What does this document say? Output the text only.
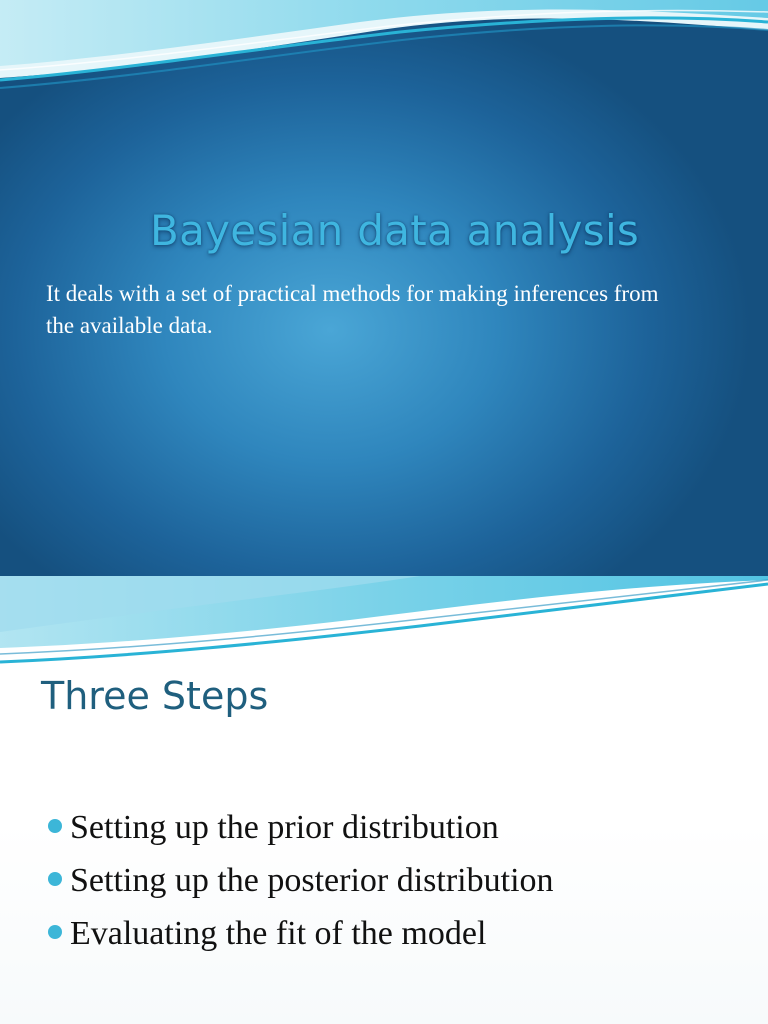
Bayesian data analysis
It deals with a set of practical methods for making inferences from the available data.
Three Steps
Setting up the prior distribution
Setting up the posterior distribution
Evaluating the fit of the model
